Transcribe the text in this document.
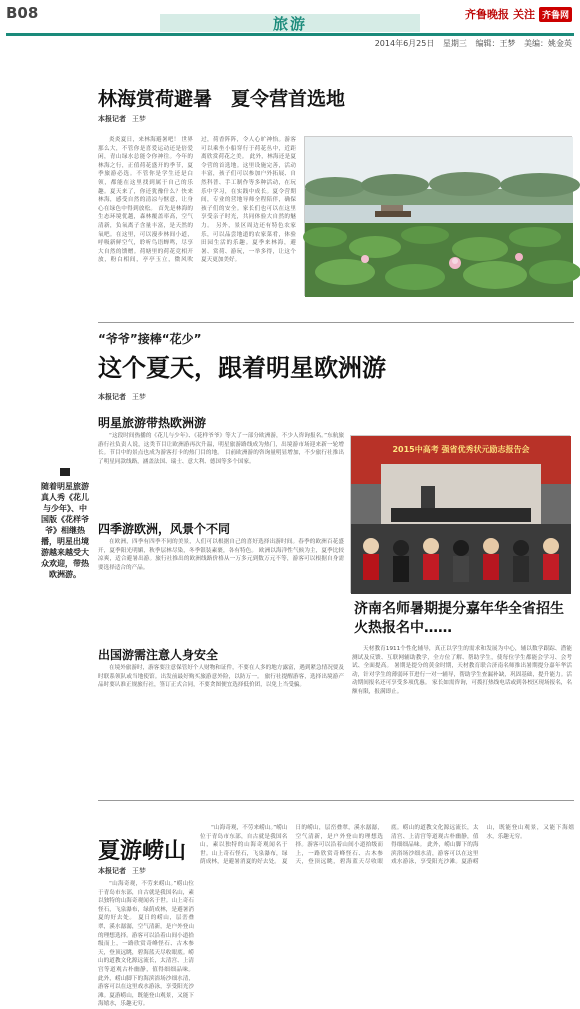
B08
旅游	齐鲁晚报 关注 齐鲁网
2014年6月25日 星期三 编辑：王梦 美编：姚金英
林海赏荷避暑　夏令营首选地
本报记者 王梦
炎炎夏日，来林海避暑吧！ 世界那么大，不管你是喜爱运动还是倍爱闲，青山绿水总能令你神往。今年的林海之行，正值荷花盛开的季节，夏季旅游必选。不管你是学生还是白领，都能在这里找到属于自己的乐趣。夏天来了，你还犹豫什么？快来林海，感受自然的清凉与惬意，让身心在绿色中得到放松。 首先是林海的生态环境优越，森林覆盖率高，空气清新，负氧离子含量丰富，是天然的氧吧。在这里，可以漫步林间小道，呼吸新鲜空气，聆听鸟语蝉鸣，尽享大自然的馈赠。荷塘里的荷花竞相开放，粉白相间，亭亭玉立，微风吹过，荷香阵阵，令人心旷神怡。游客可以乘坐小船穿行于荷花丛中，近距离欣赏荷花之美。 此外，林海还是夏令营的首选地。这里设施完善，活动丰富，孩子们可以参加户外拓展、自然科普、手工制作等多种活动，在玩乐中学习，在实践中成长。夏令营期间，专业的营地导师全程陪伴，确保孩子们的安全。家长们也可以在这里享受亲子时光，共同体验大自然的魅力。 另外，景区周边还有特色农家乐，可以品尝地道的农家菜肴，体验田园生活的乐趣。夏季来林海，避暑、赏荷、游玩，一举多得，让这个夏天更加美好。
“爷爷”接棒“花少”
这个夏天，跟着明星欧洲游
本报记者 王梦
明星旅游带热欧洲游
“这段时间热播的《花儿与少年》、《花样爷爷》等大了一部分欧洲游，不少人咨询报名。”东航旅游行社负责人说，这类节目让欧洲游再次升温，明星旅游路线成为热门，出境游市场迎来新一轮增长。节目中的景点也成为游客打卡的热门目的地。 目前欧洲游的咨询量明显增加，不少旅行社推出了明星同款线路，涵盖法国、瑞士、意大利、德国等多个国家。
四季游欧洲，风景个不同
在欧洲，四季有四季不同的美景，人们可以根据自己的喜好选择出游时间。春季的欧洲百花盛开，夏季阳光明媚，秋季层林尽染，冬季银装素裹，各有特色。 欧洲以海洋性气候为主，夏季比较凉爽，适合避暑出游。旅行社推出的欧洲线路价格从一万多元到数万元不等，游客可以根据自身需要选择适合的产品。
出国游需注意人身安全
在境外旅游时，游客要注意保管好个人财物和证件，不要在人多的地方露富，遇到紧急情况要及时联系领队或当地使馆。出发前最好购买旅游意外险，以防万一。 旅行社提醒游客，选择出境游产品时要认准正规旅行社，签订正式合同，不要贪图便宜选择低价团，以免上当受骗。
随着明星旅游真人秀《花儿与少年》、中国版《花样爷爷》相继热播，明星出境游越来越受大众欢迎，带热欧洲游。
2015中高考 强省优秀状元励志报告会
济南名师暑期提分嘉年华全省招生火热报名中……
天材教育1911个性化辅导，真正以学生的需求和发展为中心，辅以数学跟踪、潜能测试及反馈、互联网辅助教学，全方位了解、帮助学生，使每位学生都能会学习、会考试、全面提高。 暑期是提分的黄金时期，天材教育联合济南名师推出暑期提分嘉年华活动，针对学生的薄弱环节进行一对一辅导，帮助学生查漏补缺，巩固基础，提升能力。活动期间报名还可享受多项优惠。 家长如需咨询，可拨打热线电话或到各校区现场报名，名额有限，报满即止。
夏游崂山
本报记者 王梦
“山海奇观，不劳来崂山。”崂山位于青岛市东部，自古就是我国名山，素以独特的山海奇观闻名于世。山上奇石怪石，飞泉瀑布，绿荫成林，是避暑消夏的好去处。 夏日的崂山，层峦叠翠，溪水潺潺，空气清新，是户外登山的理想选择。游客可以沿着山间小道拾级而上，一路欣赏奇峰怪石、古木参天，登顶远眺，碧海蓝天尽收眼底。崂山的道教文化源远流长，太清宫、上清宫等道观古朴幽静，值得细细品味。 此外，崂山脚下的海滨浴场沙细水清，游客可以在这里戏水游泳，享受阳光沙滩。夏游崂山，既能登山观景，又能下海嬉水，乐趣无穷。
“山海奇观，不劳来崂山。”崂山位于青岛市东部，自古就是我国名山，素以独特的山海奇观闻名于世。山上奇石怪石，飞泉瀑布，绿荫成林，是避暑消夏的好去处。 夏日的崂山，层峦叠翠，溪水潺潺，空气清新，是户外登山的理想选择。游客可以沿着山间小道拾级而上，一路欣赏奇峰怪石、古木参天，登顶远眺，碧海蓝天尽收眼底。崂山的道教文化源远流长，太清宫、上清宫等道观古朴幽静，值得细细品味。 此外，崂山脚下的海滨浴场沙细水清，游客可以在这里戏水游泳，享受阳光沙滩。夏游崂山，既能登山观景，又能下海嬉水，乐趣无穷。
